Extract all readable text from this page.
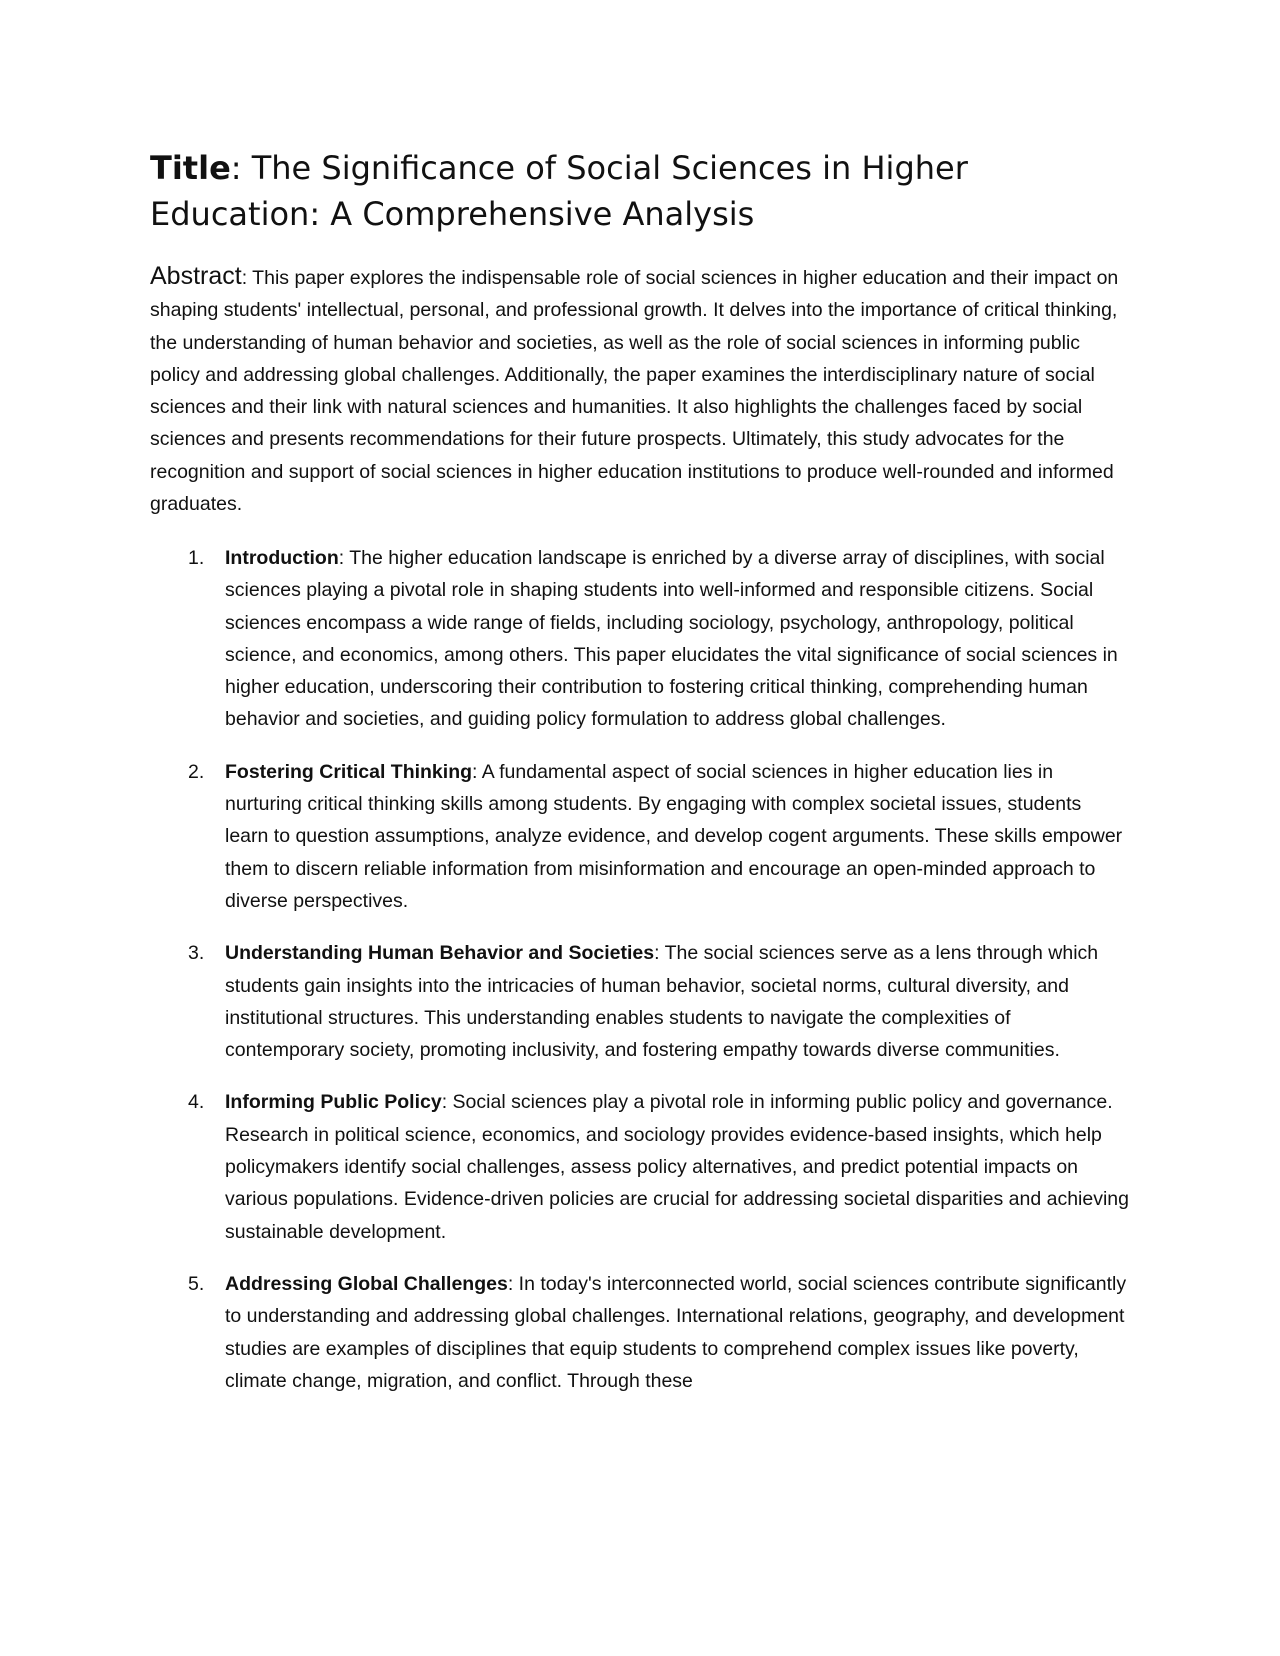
Title: The Significance of Social Sciences in Higher Education: A Comprehensive Analysis

Abstract: This paper explores the indispensable role of social sciences in higher education and their impact on shaping students' intellectual, personal, and professional growth. It delves into the importance of critical thinking, the understanding of human behavior and societies, as well as the role of social sciences in informing public policy and addressing global challenges. Additionally, the paper examines the interdisciplinary nature of social sciences and their link with natural sciences and humanities. It also highlights the challenges faced by social sciences and presents recommendations for their future prospects. Ultimately, this study advocates for the recognition and support of social sciences in higher education institutions to produce well-rounded and informed graduates.

1. Introduction: The higher education landscape is enriched by a diverse array of disciplines, with social sciences playing a pivotal role in shaping students into well-informed and responsible citizens. Social sciences encompass a wide range of fields, including sociology, psychology, anthropology, political science, and economics, among others. This paper elucidates the vital significance of social sciences in higher education, underscoring their contribution to fostering critical thinking, comprehending human behavior and societies, and guiding policy formulation to address global challenges.
2. Fostering Critical Thinking: A fundamental aspect of social sciences in higher education lies in nurturing critical thinking skills among students. By engaging with complex societal issues, students learn to question assumptions, analyze evidence, and develop cogent arguments. These skills empower them to discern reliable information from misinformation and encourage an open-minded approach to diverse perspectives.
3. Understanding Human Behavior and Societies: The social sciences serve as a lens through which students gain insights into the intricacies of human behavior, societal norms, cultural diversity, and institutional structures. This understanding enables students to navigate the complexities of contemporary society, promoting inclusivity, and fostering empathy towards diverse communities.
4. Informing Public Policy: Social sciences play a pivotal role in informing public policy and governance. Research in political science, economics, and sociology provides evidence-based insights, which help policymakers identify social challenges, assess policy alternatives, and predict potential impacts on various populations. Evidence-driven policies are crucial for addressing societal disparities and achieving sustainable development.
5. Addressing Global Challenges: In today's interconnected world, social sciences contribute significantly to understanding and addressing global challenges. International relations, geography, and development studies are examples of disciplines that equip students to comprehend complex issues like poverty, climate change, migration, and conflict. Through these
